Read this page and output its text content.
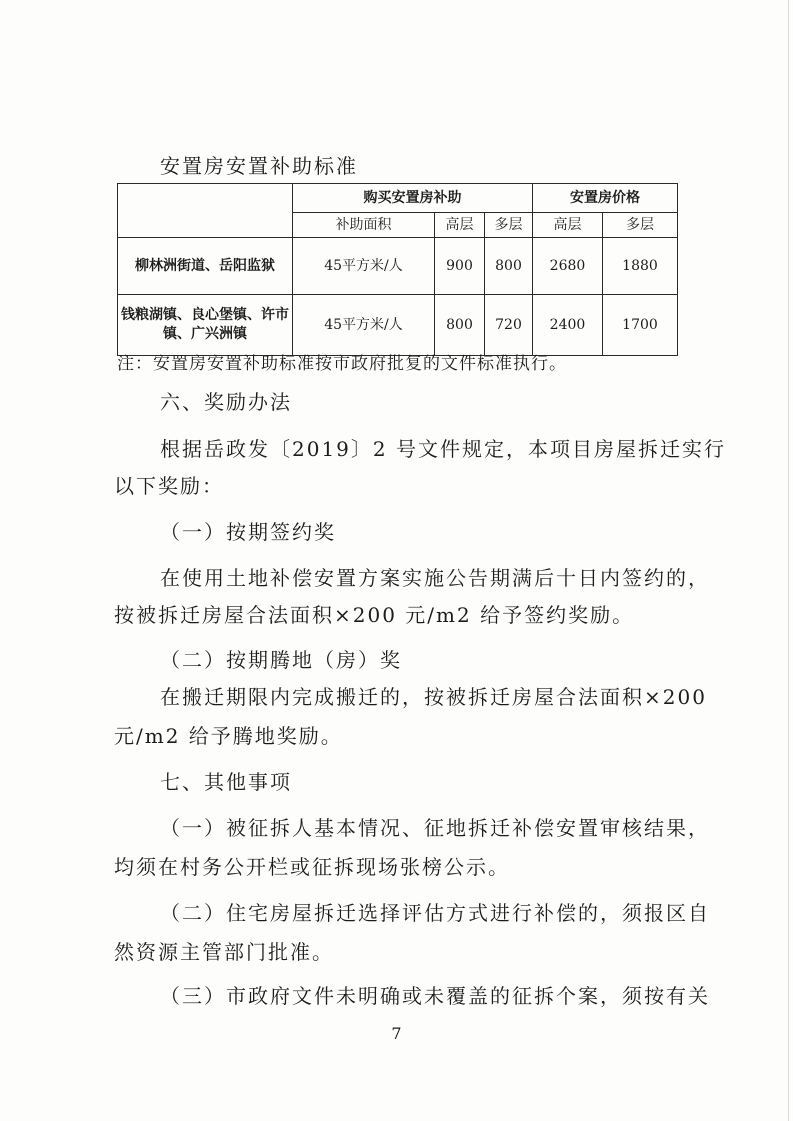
安置房安置补助标准
	购买安置房补助			安置房价格	
	补助面积	高层	多层	高层	多层
柳林洲街道、岳阳监狱	45平方米/人	900	800	2680	1880
钱粮湖镇、良心堡镇、许市
镇、广兴洲镇	45平方米/人	800	720	2400	1700
注：安置房安置补助标准按市政府批复的文件标准执行。
六、奖励办法
根据岳政发〔2019〕2 号文件规定，本项目房屋拆迁实行
以下奖励：
（一）按期签约奖
在使用土地补偿安置方案实施公告期满后十日内签约的，
按被拆迁房屋合法面积×200 元/m2 给予签约奖励。
（二）按期腾地（房）奖
在搬迁期限内完成搬迁的，按被拆迁房屋合法面积×200
元/m2 给予腾地奖励。
七、其他事项
（一）被征拆人基本情况、征地拆迁补偿安置审核结果，
均须在村务公开栏或征拆现场张榜公示。
（二）住宅房屋拆迁选择评估方式进行补偿的，须报区自
然资源主管部门批准。
（三）市政府文件未明确或未覆盖的征拆个案，须按有关
7
